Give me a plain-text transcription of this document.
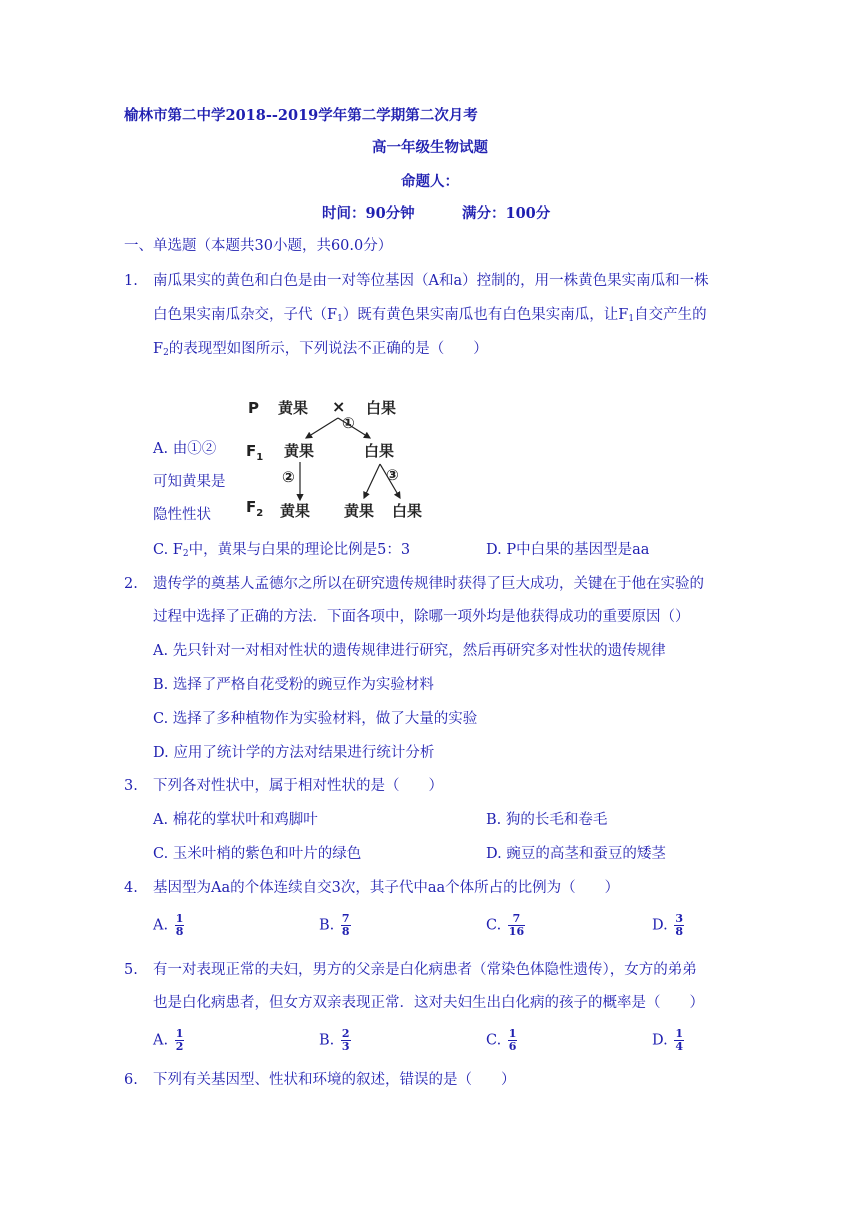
榆林市第二中学2018--2019学年第二学期第二次月考
高一年级生物试题
命题人：
时间：90分钟	满分：100分
一、单选题（本题共30小题，共60.0分）
1. 南瓜果实的黄色和白色是由一对等位基因（A和a）控制的，用一株黄色果实南瓜和一株
白色果实南瓜杂交，子代$(F_1)$既有黄色果实南瓜也有白色果实南瓜，让$F_1$自交产生的
$F_2$的表现型如图所示，下列说法不正确的是（　　）
P 黄果 × 白果
①
$F_1$ 黄果	白果
②	③
$F_2$ 黄果 黄果 白果
A. 由①②
可知黄果是
隐性性状
C. $F_2$中，黄果与白果的理论比例是5：3	D. P中白果的基因型是aa
2. 遗传学的奠基人孟德尔之所以在研究遗传规律时获得了巨大成功，关键在于他在实验的
过程中选择了正确的方法．下面各项中，除哪一项外均是他获得成功的重要原因（）
A. 先只针对一对相对性状的遗传规律进行研究，然后再研究多对性状的遗传规律
B. 选择了严格自花受粉的豌豆作为实验材料
C. 选择了多种植物作为实验材料，做了大量的实验
D. 应用了统计学的方法对结果进行统计分析
3. 下列各对性状中，属于相对性状的是（　　）
A. 棉花的掌状叶和鸡脚叶	B. 狗的长毛和卷毛
C. 玉米叶梢的紫色和叶片的绿色	D. 豌豆的高茎和蚕豆的矮茎
4. 基因型为Aa的个体连续自交3次，其子代中aa个体所占的比例为（　　）
A. $\frac{1}{8}$	B. $\frac{7}{8}$	C. $\frac{7}{16}$	D. $\frac{3}{8}$
5. 有一对表现正常的夫妇，男方的父亲是白化病患者（常染色体隐性遗传），女方的弟弟
也是白化病患者，但女方双亲表现正常．这对夫妇生出白化病的孩子的概率是（　　）
A. $\frac{1}{2}$	B. $\frac{2}{3}$	C. $\frac{1}{6}$	D. $\frac{1}{4}$
6. 下列有关基因型、性状和环境的叙述，错误的是（　　）
